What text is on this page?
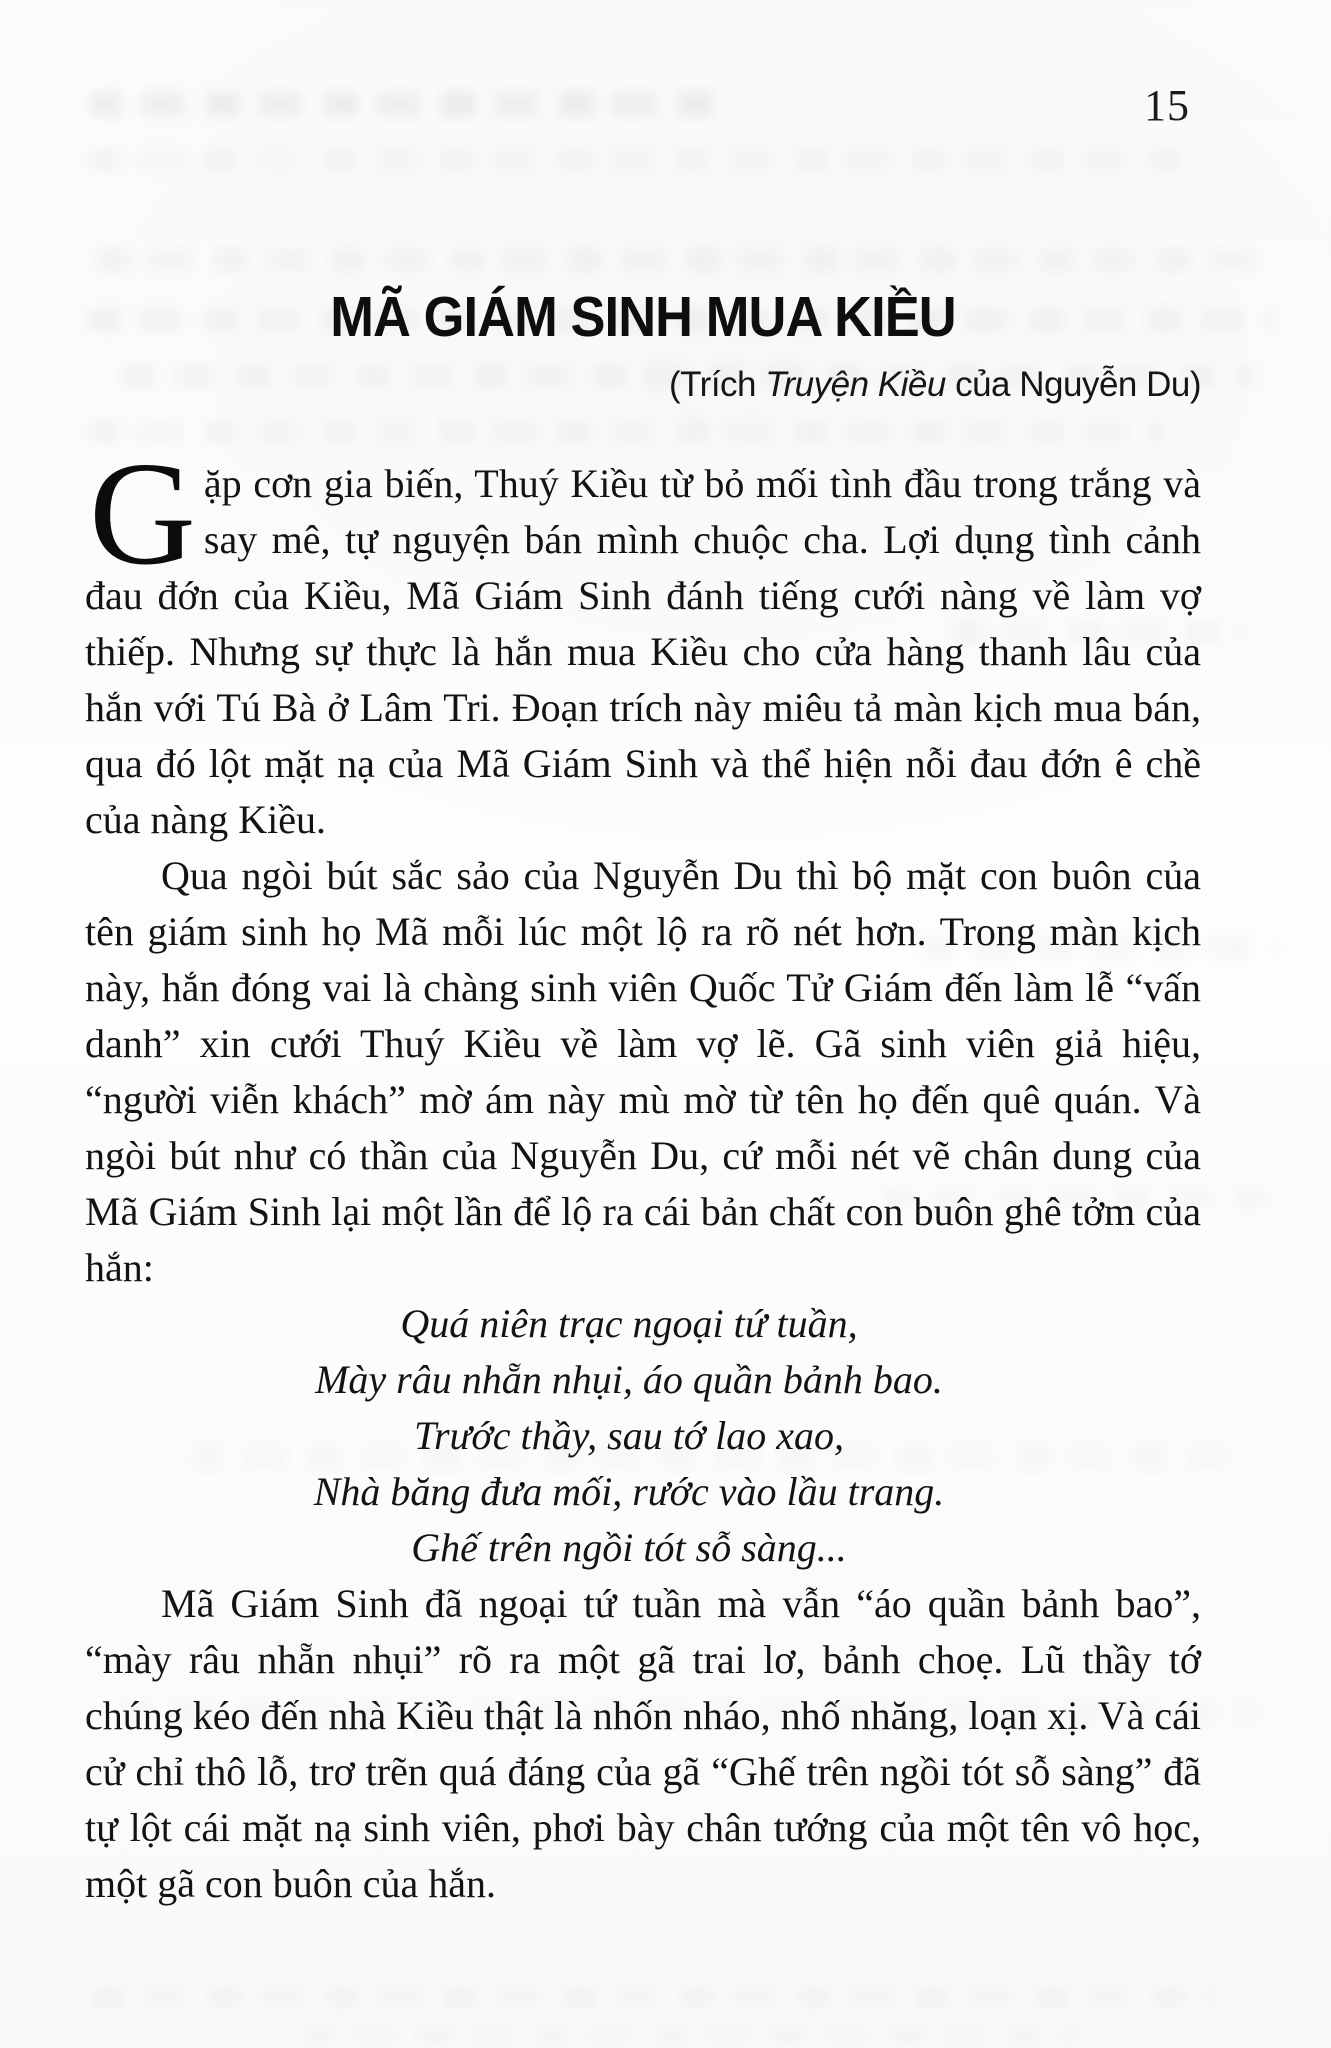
15
MÃ GIÁM SINH MUA KIỀU
(Trích Truyện Kiều của Nguyễn Du)

Gặp cơn gia biến, Thuý Kiều từ bỏ mối tình đầu trong trắng và say mê, tự nguyện bán mình chuộc cha. Lợi dụng tình cảnh đau đớn của Kiều, Mã Giám Sinh đánh tiếng cưới nàng về làm vợ thiếp. Nhưng sự thực là hắn mua Kiều cho cửa hàng thanh lâu của hắn với Tú Bà ở Lâm Tri. Đoạn trích này miêu tả màn kịch mua bán, qua đó lột mặt nạ của Mã Giám Sinh và thể hiện nỗi đau đớn ê chề của nàng Kiều.

Qua ngòi bút sắc sảo của Nguyễn Du thì bộ mặt con buôn của tên giám sinh họ Mã mỗi lúc một lộ ra rõ nét hơn. Trong màn kịch này, hắn đóng vai là chàng sinh viên Quốc Tử Giám đến làm lễ “vấn danh” xin cưới Thuý Kiều về làm vợ lẽ. Gã sinh viên giả hiệu, “người viễn khách” mờ ám này mù mờ từ tên họ đến quê quán. Và ngòi bút như có thần của Nguyễn Du, cứ mỗi nét vẽ chân dung của Mã Giám Sinh lại một lần để lộ ra cái bản chất con buôn ghê tởm của hắn:

Quá niên trạc ngoại tứ tuần,
Mày râu nhẵn nhụi, áo quần bảnh bao.
Trước thầy, sau tớ lao xao,
Nhà băng đưa mối, rước vào lầu trang.
Ghế trên ngồi tót sỗ sàng...

Mã Giám Sinh đã ngoại tứ tuần mà vẫn “áo quần bảnh bao”, “mày râu nhẵn nhụi” rõ ra một gã trai lơ, bảnh choẹ. Lũ thầy tớ chúng kéo đến nhà Kiều thật là nhốn nháo, nhố nhăng, loạn xị. Và cái cử chỉ thô lỗ, trơ trẽn quá đáng của gã “Ghế trên ngồi tót sỗ sàng” đã tự lột cái mặt nạ sinh viên, phơi bày chân tướng của một tên vô học, một gã con buôn của hắn.
